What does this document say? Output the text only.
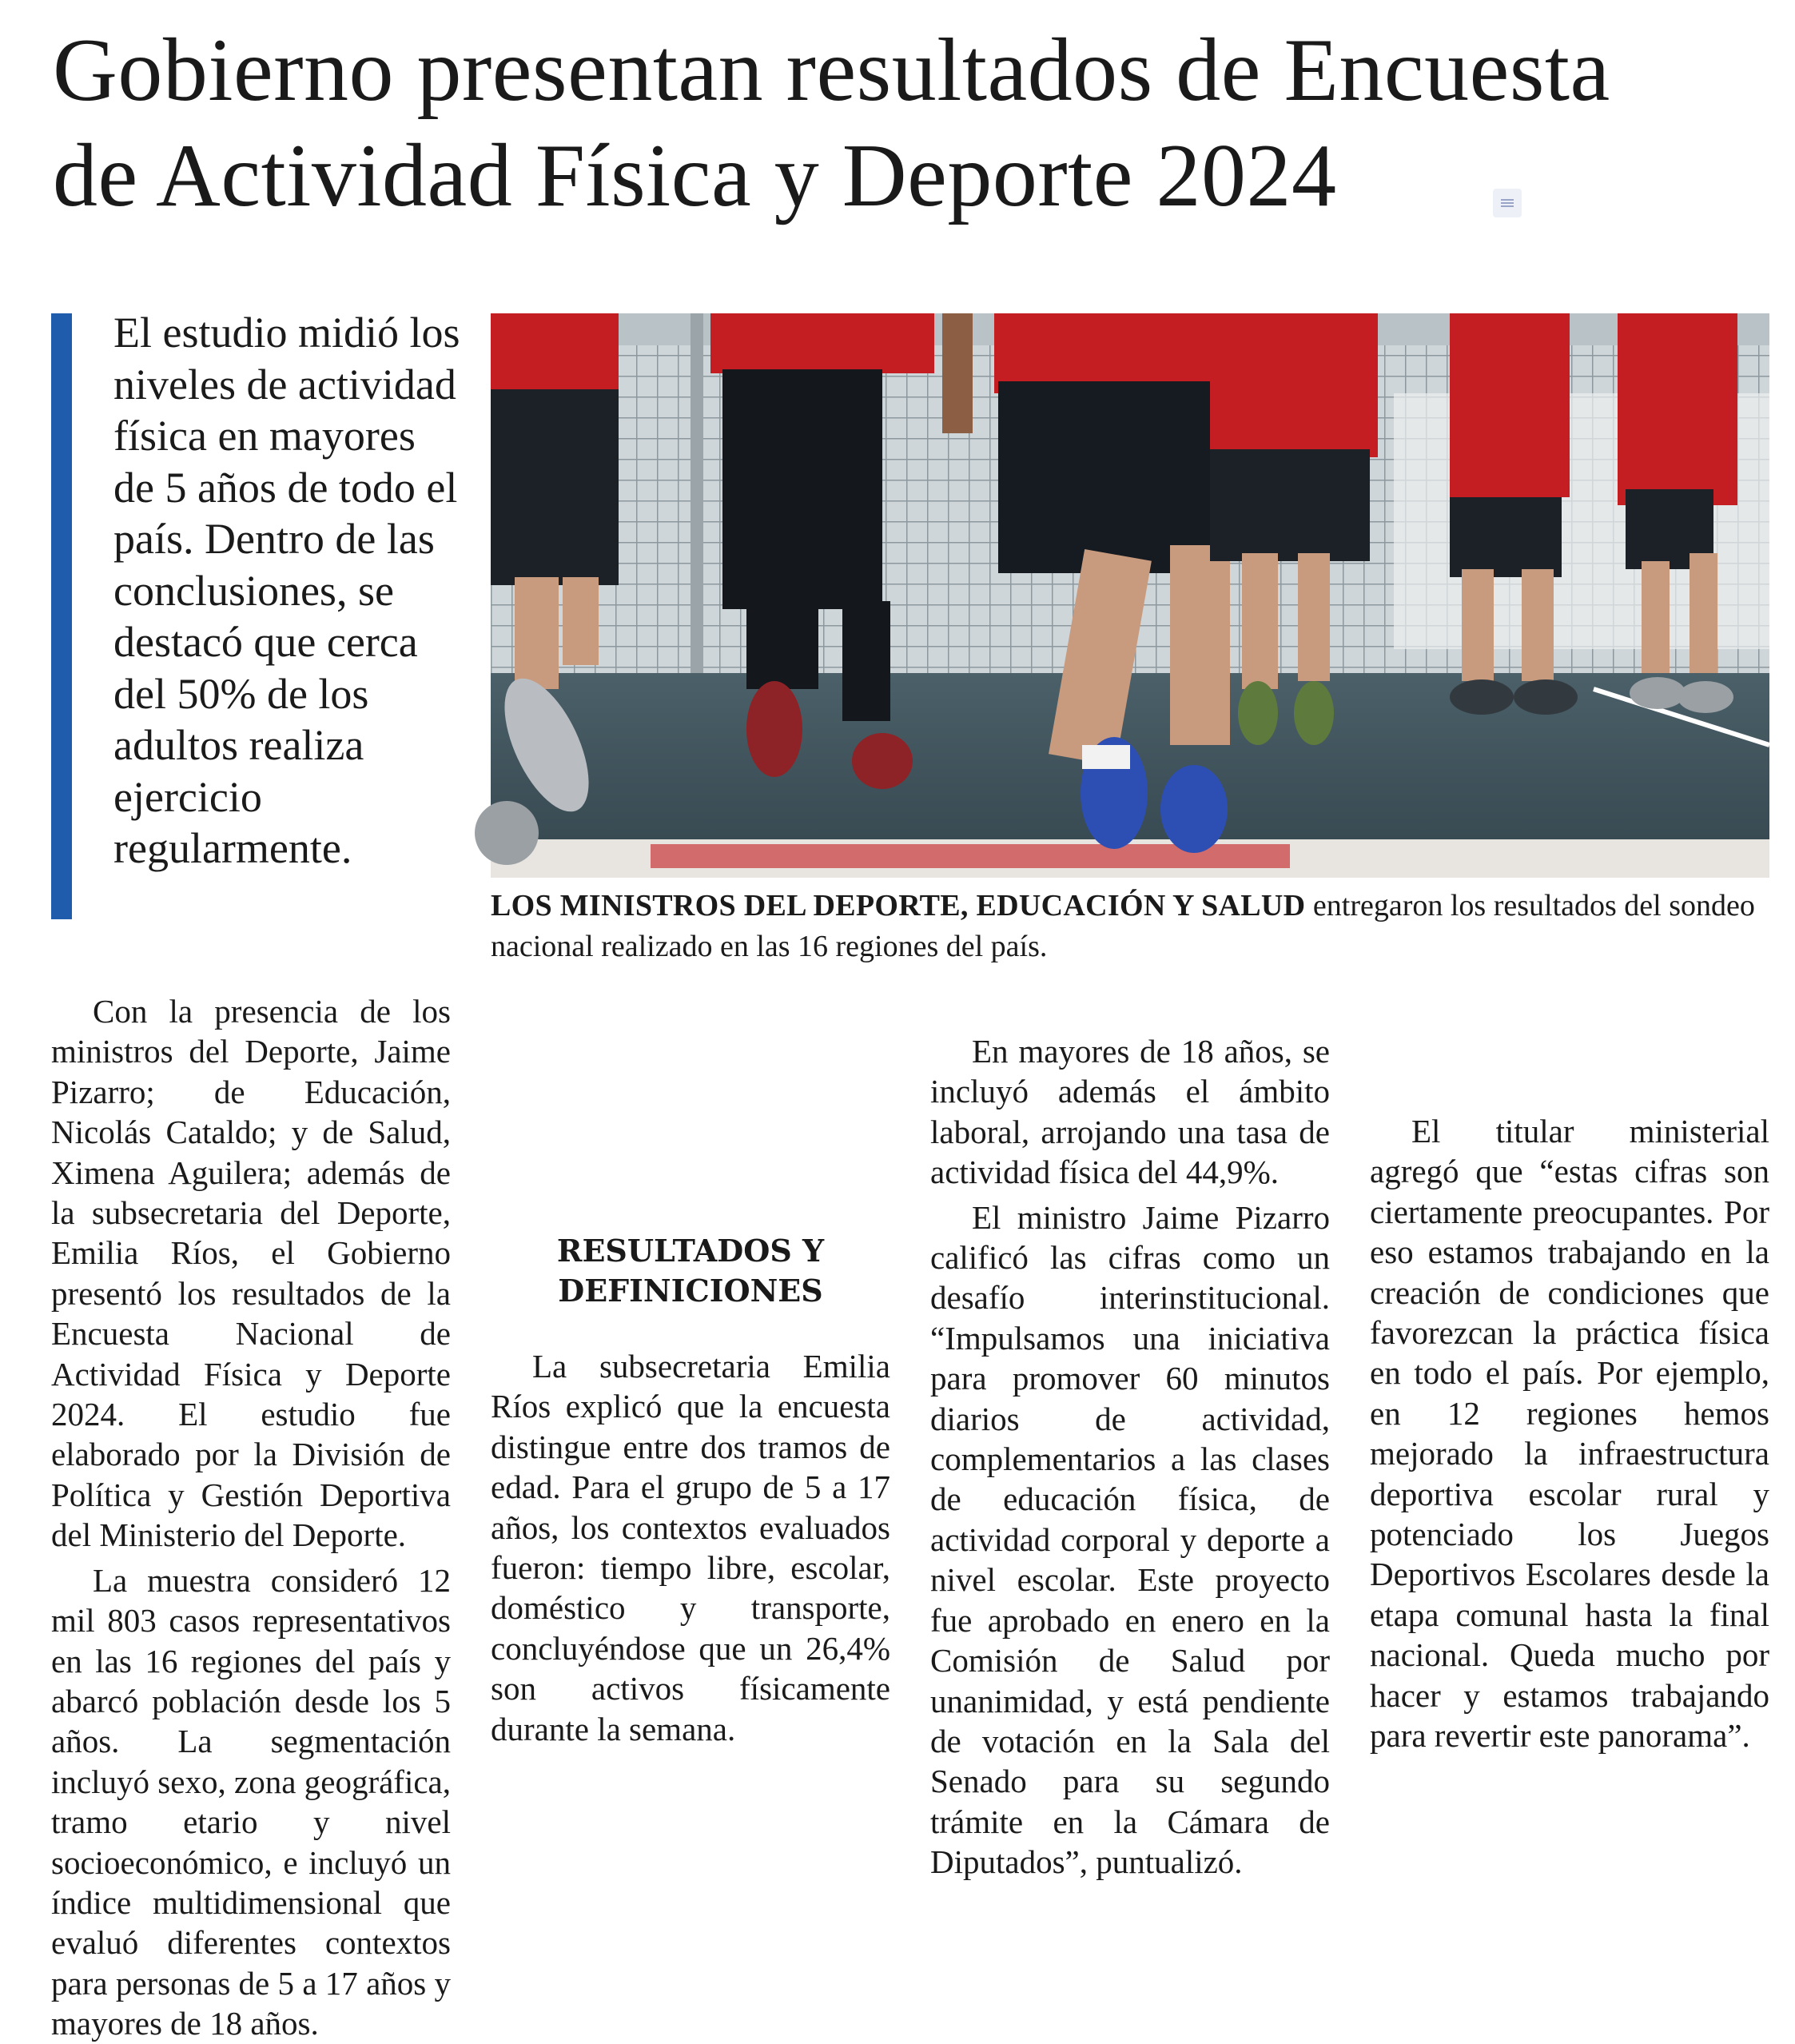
Gobierno presentan resultados de Encuesta
de Actividad Física y Deporte 2024

El estudio midió los niveles de actividad física en mayores de 5 años de todo el país. Dentro de las conclusiones, se destacó que cerca del 50% de los adultos realiza ejercicio regularmente.

LOS MINISTROS DEL DEPORTE, EDUCACIÓN Y SALUD entregaron los resultados del sondeo nacional realizado en las 16 regiones del país.

Con la presencia de los ministros del Deporte, Jaime Pizarro; de Educación, Nicolás Cataldo; y de Salud, Ximena Aguilera; además de la subsecretaria del Deporte, Emilia Ríos, el Gobierno presentó los resultados de la Encuesta Nacional de Actividad Física y Deporte 2024. El estudio fue elaborado por la División de Política y Gestión Deportiva del Ministerio del Deporte.

La muestra consideró 12 mil 803 casos representativos en las 16 regiones del país y abarcó población desde los 5 años. La segmentación incluyó sexo, zona geográfica, tramo etario y nivel socioeconómico, e incluyó un índice multidimensional que evaluó diferentes contextos para personas de 5 a 17 años y mayores de 18 años.

RESULTADOS Y
DEFINICIONES

La subsecretaria Emilia Ríos explicó que la encuesta distingue entre dos tramos de edad. Para el grupo de 5 a 17 años, los contextos evaluados fueron: tiempo libre, escolar, doméstico y transporte, concluyéndose que un 26,4% son activos físicamente durante la semana.

En mayores de 18 años, se incluyó además el ámbito laboral, arrojando una tasa de actividad física del 44,9%.

El ministro Jaime Pizarro calificó las cifras como un desafío interinstitucional. “Impulsamos una iniciativa para promover 60 minutos diarios de actividad, complementarios a las clases de educación física, de actividad corporal y deporte a nivel escolar. Este proyecto fue aprobado en enero en la Comisión de Salud por unanimidad, y está pendiente de votación en la Sala del Senado para su segundo trámite en la Cámara de Diputados”, puntualizó.

El titular ministerial agregó que “estas cifras son ciertamente preocupantes. Por eso estamos trabajando en la creación de condiciones que favorezcan la práctica física en todo el país. Por ejemplo, en 12 regiones hemos mejorado la infraestructura deportiva escolar rural y potenciado los Juegos Deportivos Escolares desde la etapa comunal hasta la final nacional. Queda mucho por hacer y estamos trabajando para revertir este panorama”.
